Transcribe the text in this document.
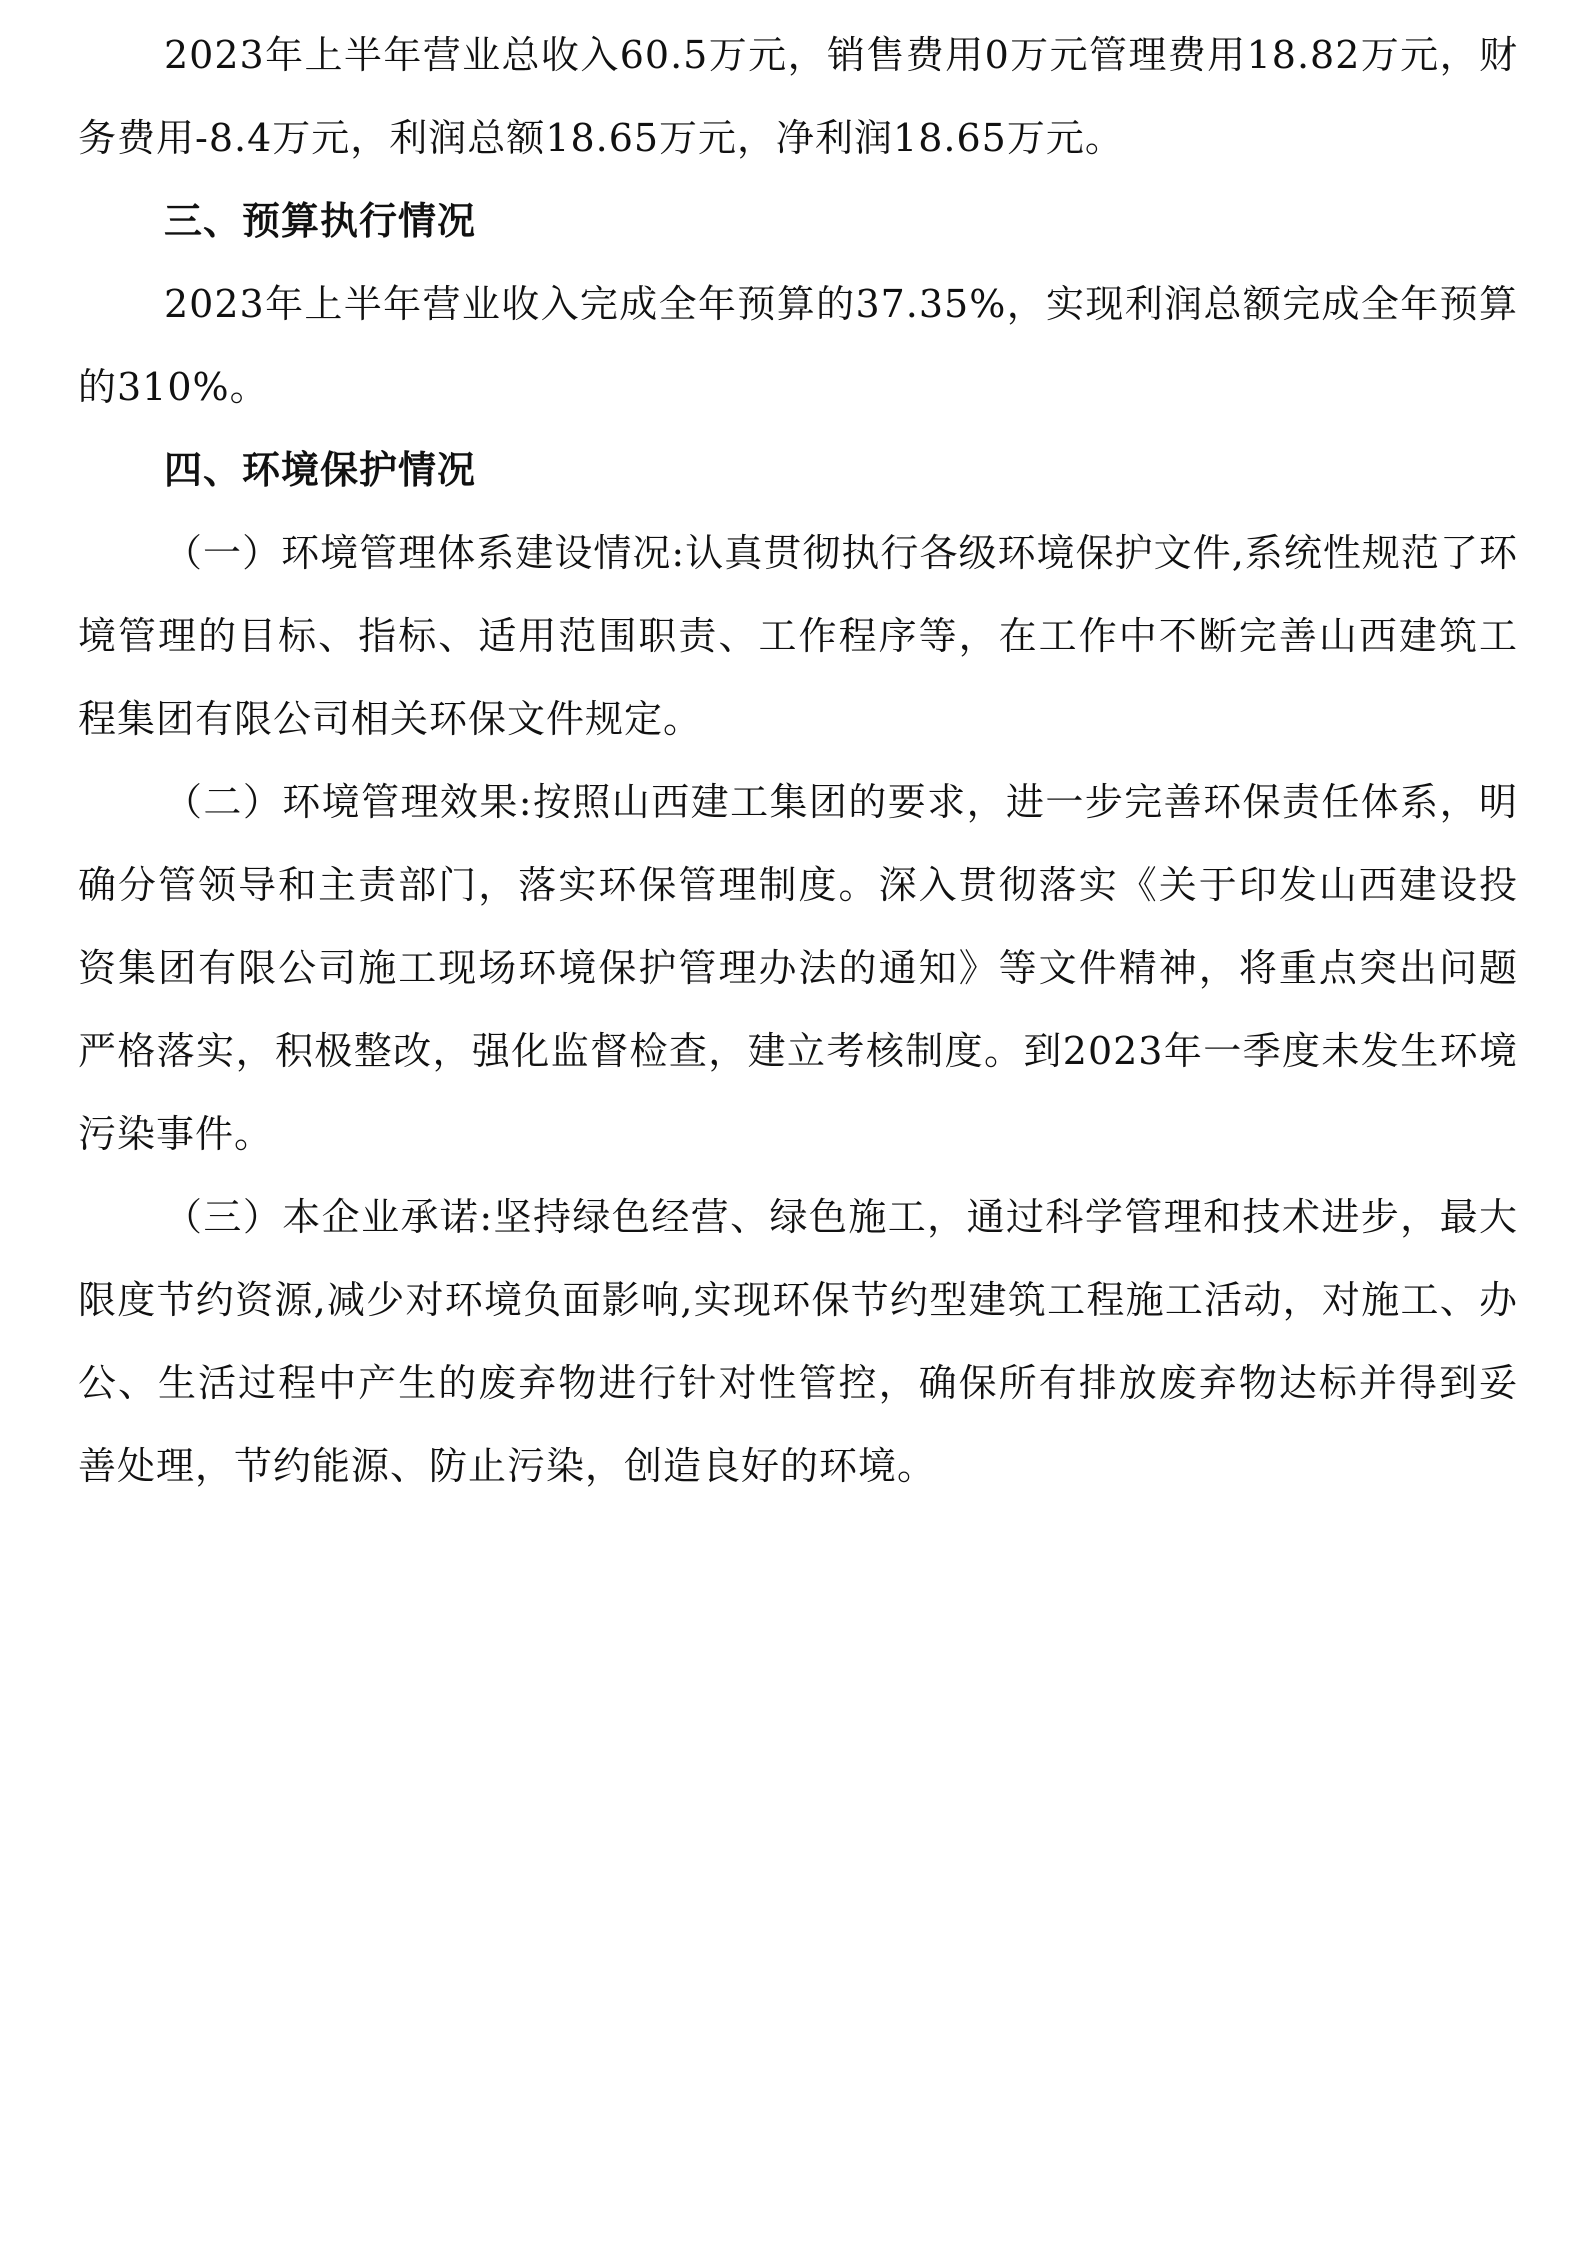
2023年上半年营业总收入60.5万元，销售费用0万元管理费用18.82万元，财务费用-8.4万元，利润总额18.65万元，净利润18.65万元。

三、预算执行情况

2023年上半年营业收入完成全年预算的37.35%，实现利润总额完成全年预算的310%。

四、环境保护情况

（一）环境管理体系建设情况:认真贯彻执行各级环境保护文件,系统性规范了环境管理的目标、指标、适用范围职责、工作程序等，在工作中不断完善山西建筑工程集团有限公司相关环保文件规定。

（二）环境管理效果:按照山西建工集团的要求，进一步完善环保责任体系，明确分管领导和主责部门，落实环保管理制度。深入贯彻落实《关于印发山西建设投资集团有限公司施工现场环境保护管理办法的通知》等文件精神，将重点突出问题严格落实，积极整改，强化监督检查，建立考核制度。到2023年一季度未发生环境污染事件。

（三）本企业承诺:坚持绿色经营、绿色施工，通过科学管理和技术进步，最大限度节约资源,减少对环境负面影响,实现环保节约型建筑工程施工活动，对施工、办公、生活过程中产生的废弃物进行针对性管控，确保所有排放废弃物达标并得到妥善处理，节约能源、防止污染，创造良好的环境。
